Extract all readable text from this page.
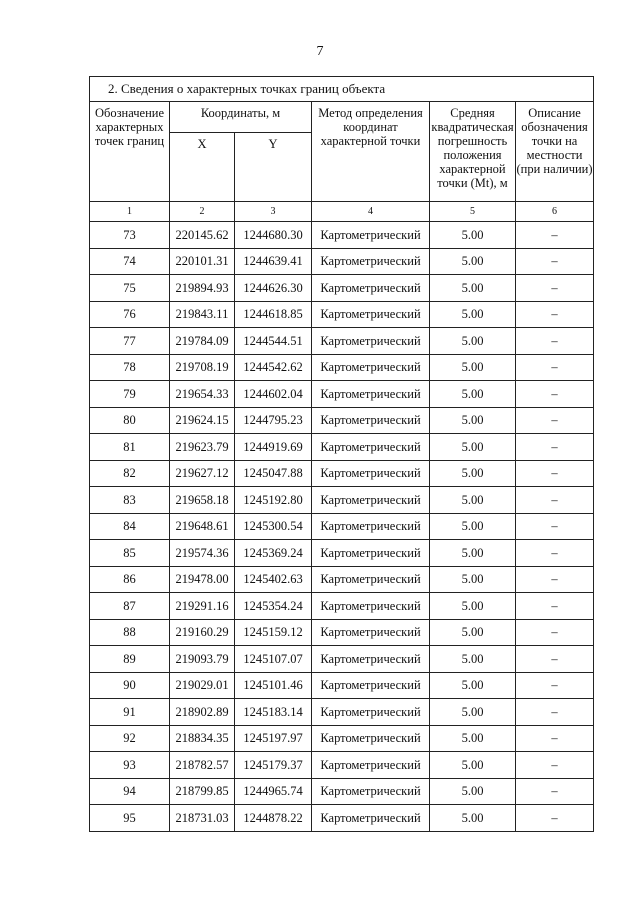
7
2. Сведения о характерных точках границ объекта					
Обозначение характерных точек границ	Координаты, м		Метод определения координат характерной точки	Средняя квадратическая погрешность положения характерной точки (Mt), м	Описание обозначения точки на местности (при наличии)
	X	Y			
1	2	3	4	5	6
73	220145.62	1244680.30	Картометрический	5.00	–
74	220101.31	1244639.41	Картометрический	5.00	–
75	219894.93	1244626.30	Картометрический	5.00	–
76	219843.11	1244618.85	Картометрический	5.00	–
77	219784.09	1244544.51	Картометрический	5.00	–
78	219708.19	1244542.62	Картометрический	5.00	–
79	219654.33	1244602.04	Картометрический	5.00	–
80	219624.15	1244795.23	Картометрический	5.00	–
81	219623.79	1244919.69	Картометрический	5.00	–
82	219627.12	1245047.88	Картометрический	5.00	–
83	219658.18	1245192.80	Картометрический	5.00	–
84	219648.61	1245300.54	Картометрический	5.00	–
85	219574.36	1245369.24	Картометрический	5.00	–
86	219478.00	1245402.63	Картометрический	5.00	–
87	219291.16	1245354.24	Картометрический	5.00	–
88	219160.29	1245159.12	Картометрический	5.00	–
89	219093.79	1245107.07	Картометрический	5.00	–
90	219029.01	1245101.46	Картометрический	5.00	–
91	218902.89	1245183.14	Картометрический	5.00	–
92	218834.35	1245197.97	Картометрический	5.00	–
93	218782.57	1245179.37	Картометрический	5.00	–
94	218799.85	1244965.74	Картометрический	5.00	–
95	218731.03	1244878.22	Картометрический	5.00	–
